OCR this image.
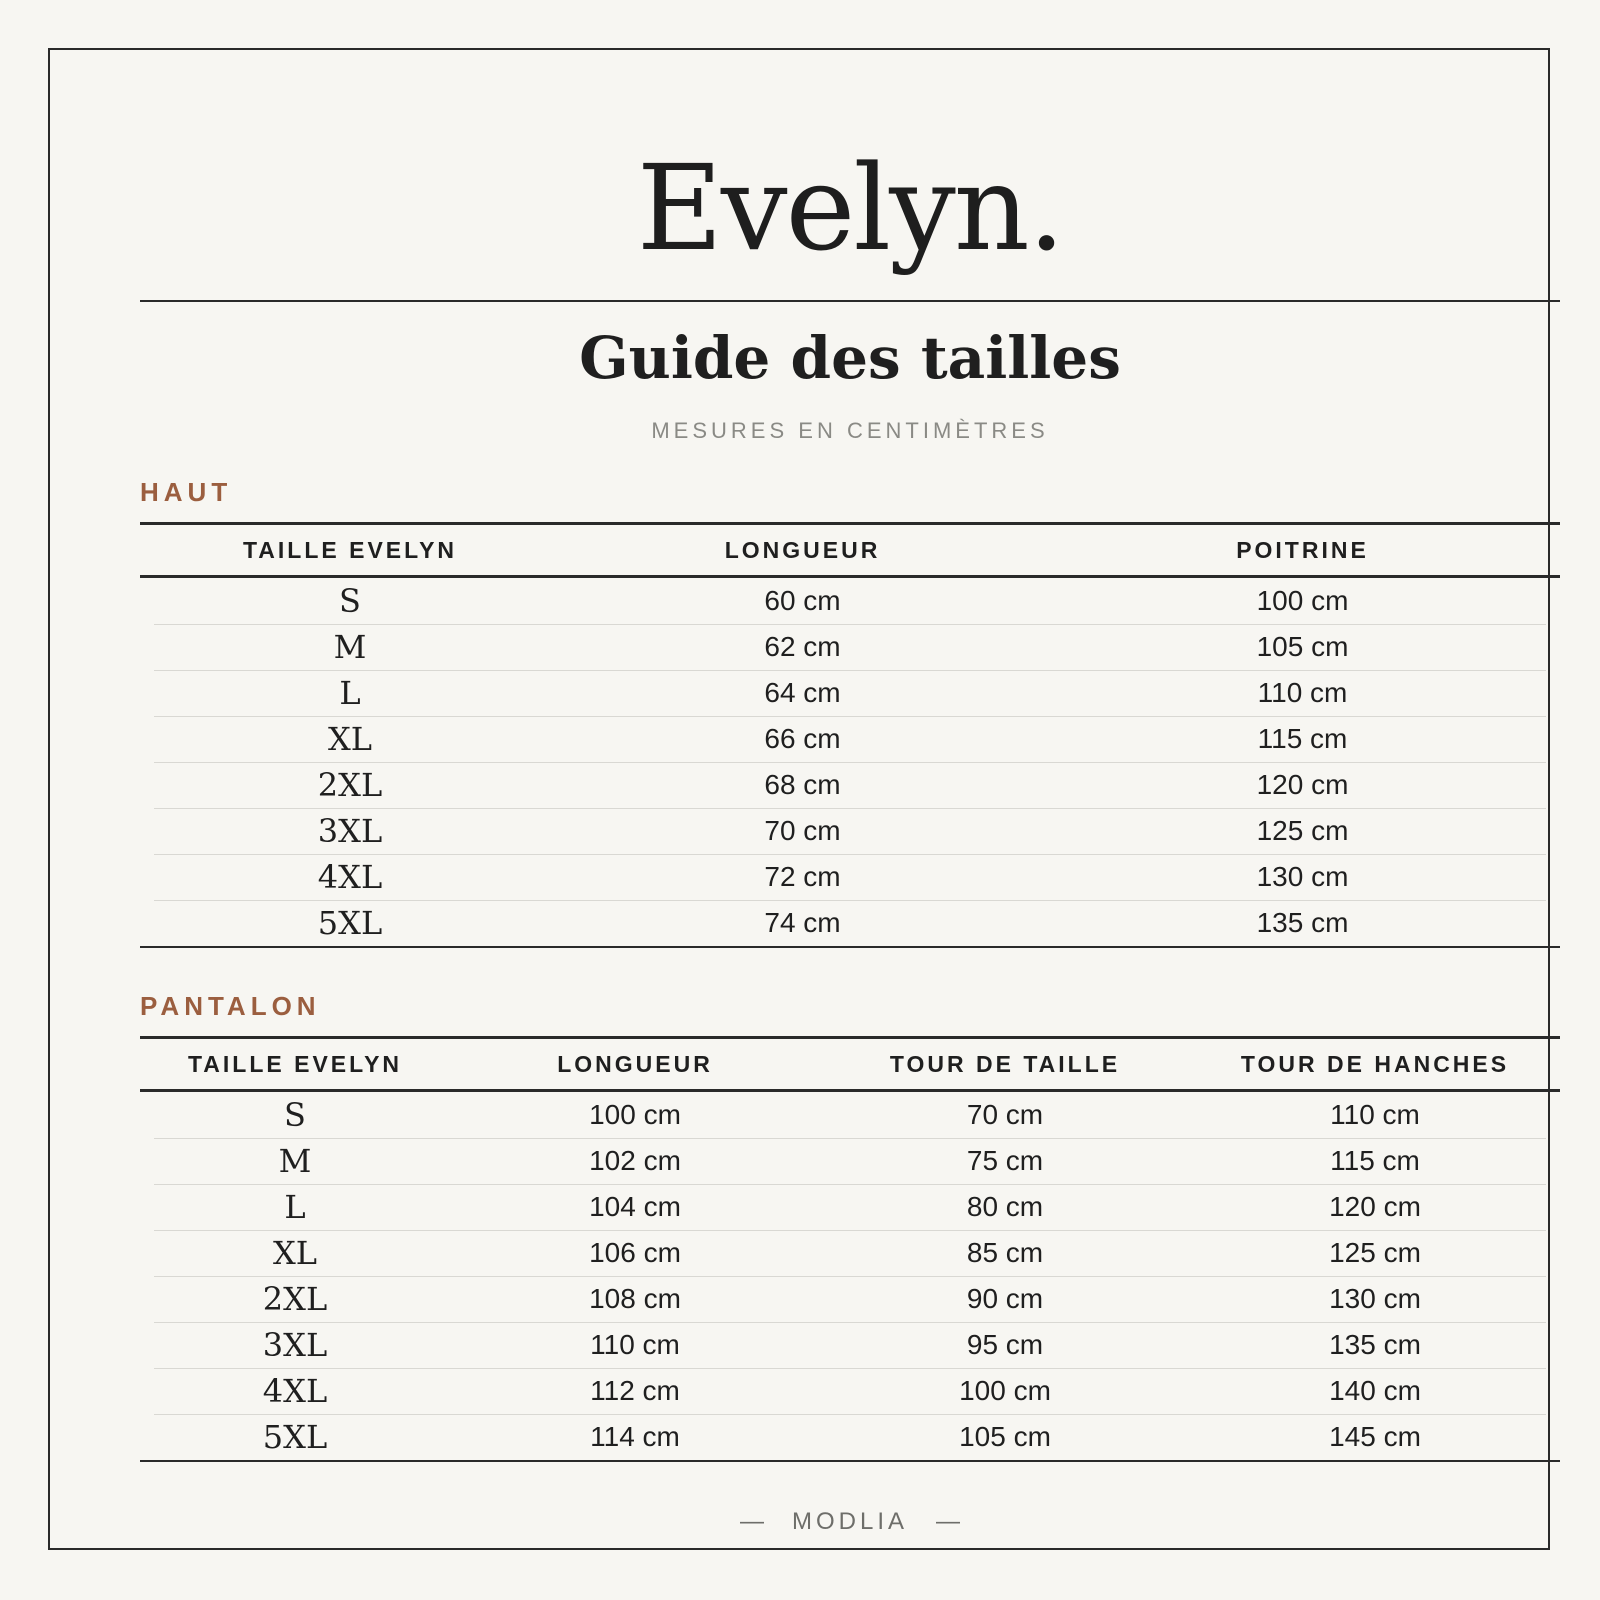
Evelyn.
Guide des tailles
MESURES EN CENTIMÈTRES
HAUT
TAILLE EVELYN	LONGUEUR	POITRINE
S	60 cm	100 cm
M	62 cm	105 cm
L	64 cm	110 cm
XL	66 cm	115 cm
2XL	68 cm	120 cm
3XL	70 cm	125 cm
4XL	72 cm	130 cm
5XL	74 cm	135 cm
PANTALON
TAILLE EVELYN	LONGUEUR	TOUR DE TAILLE	TOUR DE HANCHES
S	100 cm	70 cm	110 cm
M	102 cm	75 cm	115 cm
L	104 cm	80 cm	120 cm
XL	106 cm	85 cm	125 cm
2XL	108 cm	90 cm	130 cm
3XL	110 cm	95 cm	135 cm
4XL	112 cm	100 cm	140 cm
5XL	114 cm	105 cm	145 cm
— MODLIA —
